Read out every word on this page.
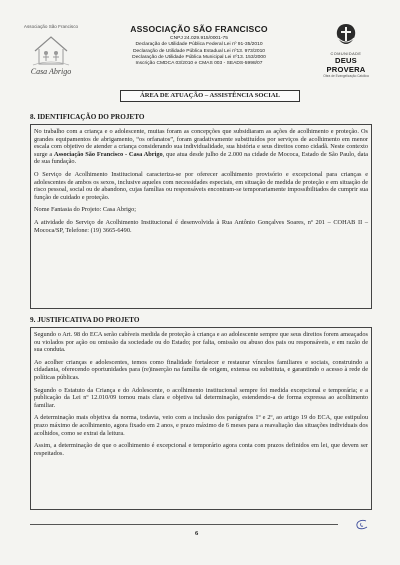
Associação São Francisco
Casa Abrigo
ASSOCIAÇÃO SÃO FRANCISCO
CNPJ 24.029.915/0001-75
Declaração de Utilidade Pública Federal Lei nº 91-35/2010
Declaração de Utilidade Pública Estadual Lei nº13. 973/2010
Declaração de Utilidade Pública Municipal Lei nº13. 153/2000
Inscrição CMDCA 03/2010 e CMAS 003 - SEADS-5998/07
COMUNIDADE
DEUS PROVERA
Obra de Evangelização Católica
ÁREA DE ATUAÇÃO – ASSISTÊNCIA SOCIAL
8. IDENTIFICAÇÃO DO PROJETO

No trabalho com a criança e o adolescente, muitas foram as concepções que subsidiaram as ações de acolhimento e proteção. Os grandes equipamentos de abrigamento, “os orfanatos”, foram gradativamente substituídos por serviços de acolhimento em menor escala com objetivo de atender a criança considerando sua individualidade, sua história e seus direitos como cidadã. Neste contexto surge a Associação São Francisco - Casa Abrigo, que atua desde julho de 2.000 na cidade de Mococa, Estado de São Paulo, data de sua fundação.

O Serviço de Acolhimento Institucional caracteriza-se por oferecer acolhimento provisório e excepcional para crianças e adolescentes de ambos os sexos, inclusive aqueles com necessidades especiais, em situação de medida de proteção e em situação de risco pessoal, social ou de abandono, cujas famílias ou responsáveis encontram-se temporariamente impossibilitados de cumprir sua função de cuidado e proteção.

Nome Fantasia do Projeto: Casa Abrigo;

A atividade do Serviço de Acolhimento Institucional é desenvolvida à Rua Antônio Gonçalves Soares, nº 201 – COHAB II – Mococa/SP, Telefone: (19) 3665-6490.

9. JUSTIFICATIVA DO PROJETO

Segundo o Art. 98 do ECA serão cabíveis medida de proteção à criança e ao adolescente sempre que seus direitos forem ameaçados ou violados por ação ou omissão da sociedade ou do Estado; por falta, omissão ou abuso dos pais ou responsáveis, e em razão de sua conduta.

Ao acolher crianças e adolescentes, temos como finalidade fortalecer e restaurar vínculos familiares e sociais, construindo a cidadania, oferecendo oportunidades para (re)inserção na família de origem, extensa ou substituta, e garantindo o acesso à rede de políticas públicas.

Segundo o Estatuto da Criança e do Adolescente, o acolhimento institucional sempre foi medida excepcional e temporária; e a publicação da Lei nº 12.010/09 tornou mais clara e objetiva tal determinação, estendendo-a de forma expressa ao acolhimento familiar.

A determinação mais objetiva da norma, todavia, veio com a inclusão dos parágrafos 1º e 2º, ao artigo 19 do ECA, que estipulou prazo máximo de acolhimento, agora fixado em 2 anos, e prazo máximo de 6 meses para a reavaliação das situações individuais dos acolhidos, como se extrai da leitura.

Assim, a determinação de que o acolhimento é excepcional e temporário agora conta com prazos definidos em lei, que devem ser respeitados.

6
